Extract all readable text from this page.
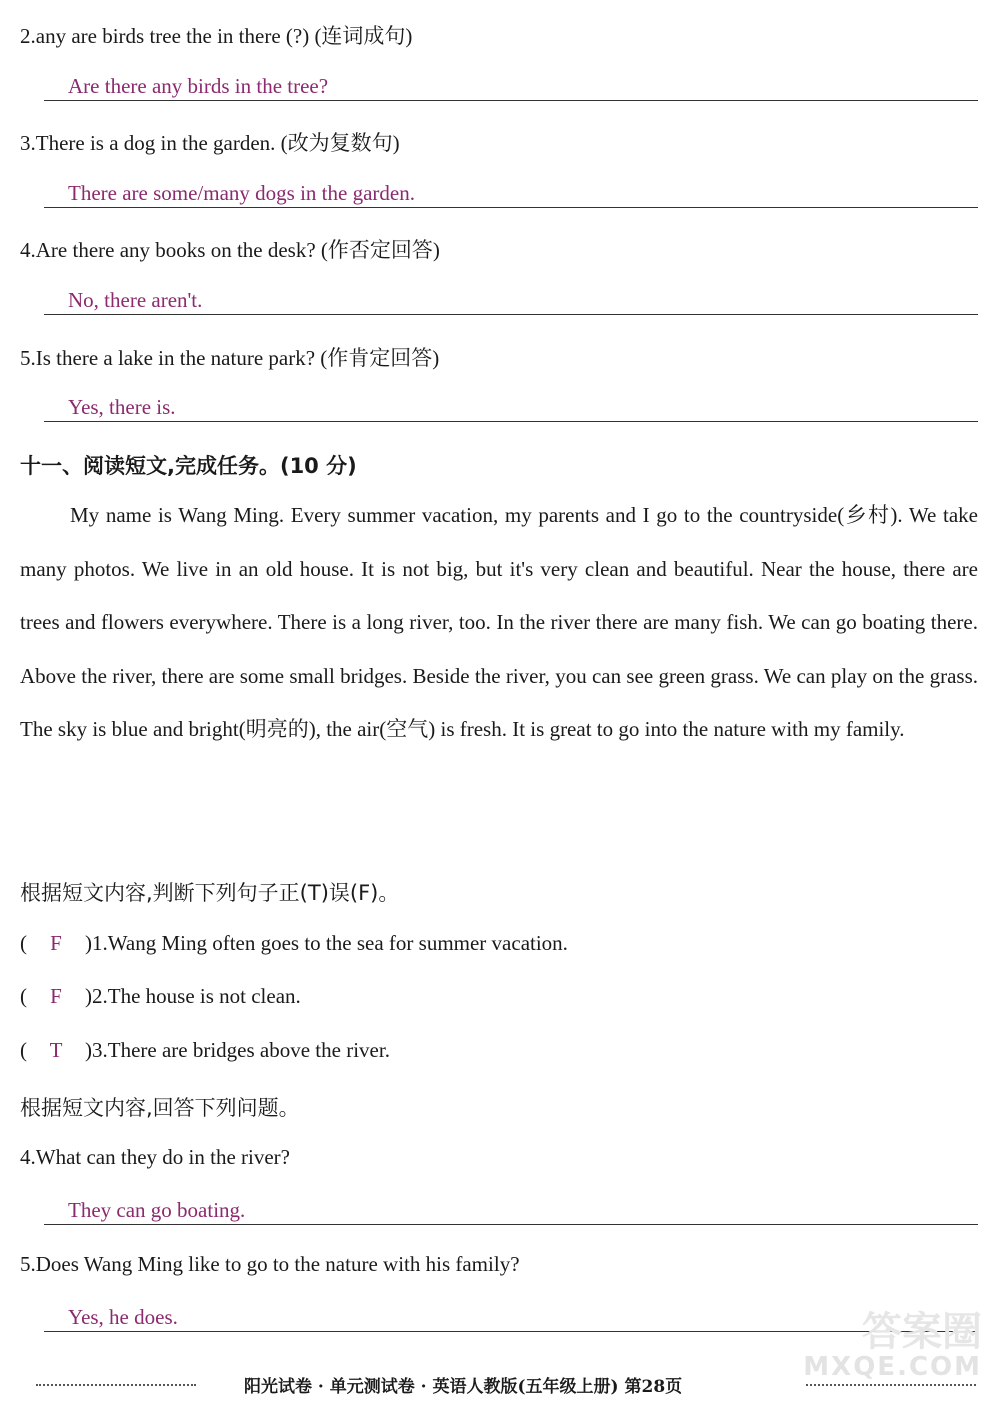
2.any are birds tree the in there (?) (连词成句)
Are there any birds in the tree?
3.There is a dog in the garden. (改为复数句)
There are some/many dogs in the garden.
4.Are there any books on the desk? (作否定回答)
No, there aren't.
5.Is there a lake in the nature park? (作肯定回答)
Yes, there is.
十一、阅读短文,完成任务。(10 分)
My name is Wang Ming. Every summer vacation, my parents and I go to the countryside(乡村). We take many photos. We live in an old house. It is not big, but it's very clean and beautiful. Near the house, there are trees and flowers everywhere. There is a long river, too. In the river there are many fish. We can go boating there. Above the river, there are some small bridges. Beside the river, you can see green grass. We can play on the grass. The sky is blue and bright(明亮的), the air(空气) is fresh. It is great to go into the nature with my family.
根据短文内容,判断下列句子正(T)误(F)。
( F )1.Wang Ming often goes to the sea for summer vacation.
( F )2.The house is not clean.
( T )3.There are bridges above the river.
根据短文内容,回答下列问题。
4.What can they do in the river?
They can go boating.
5.Does Wang Ming like to go to the nature with his family?
Yes, he does.	答案圈
MXQE.COM
阳光试卷 · 单元测试卷 · 英语人教版(五年级上册) 第28页
